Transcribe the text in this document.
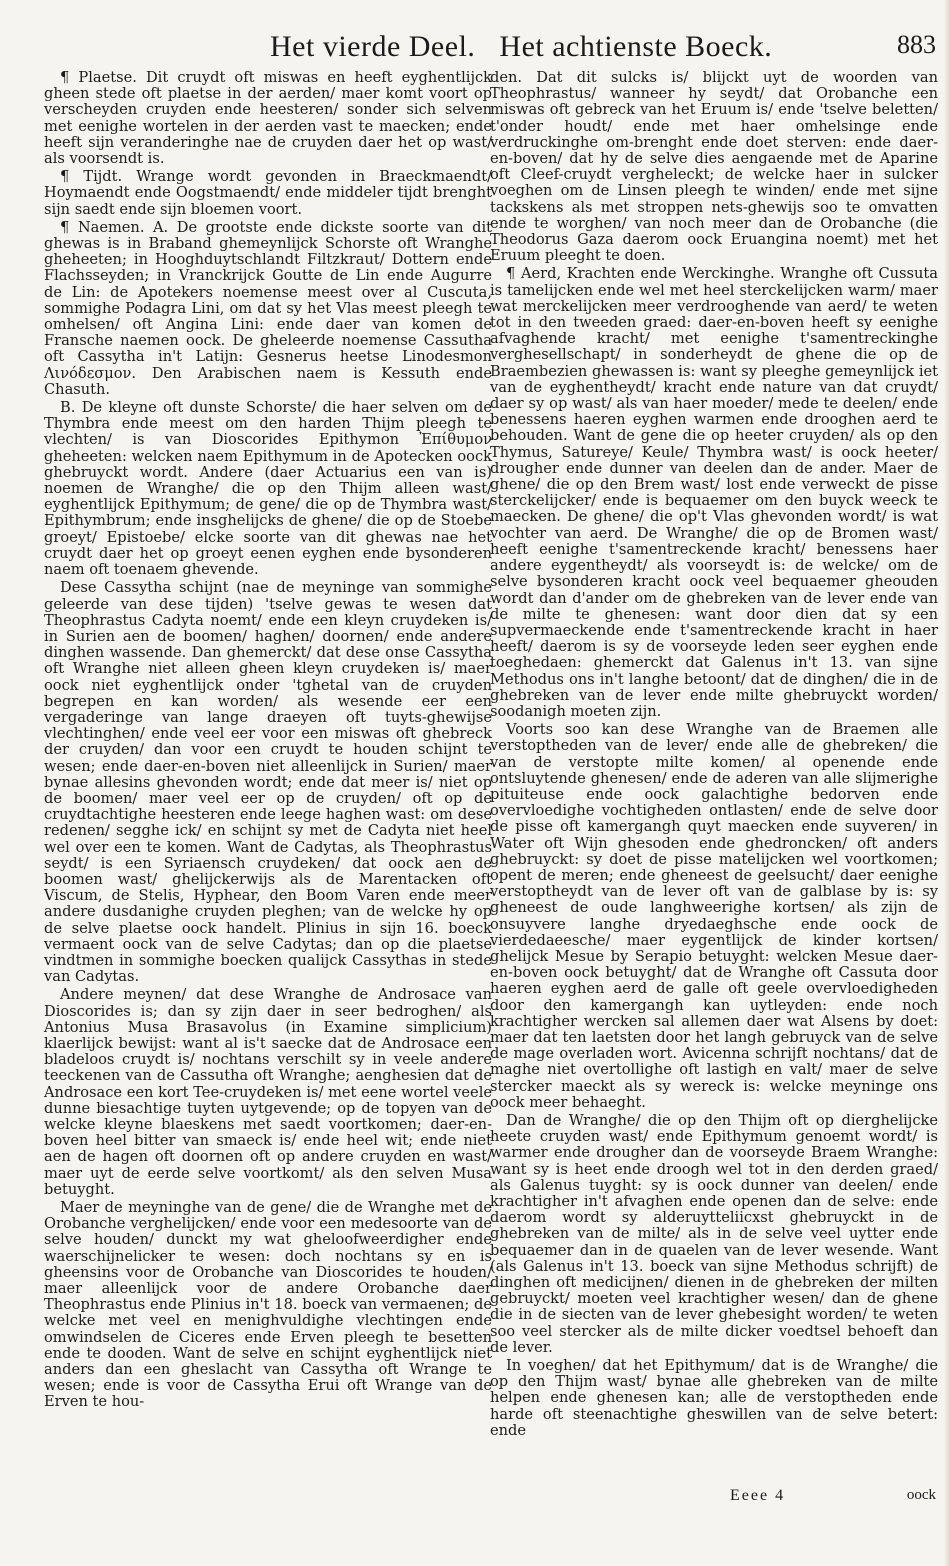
Het vierde Deel. Het achtienste Boeck.	883

¶ Plaetse. Dit cruydt oft miswas en heeft eyghentlijck gheen stede oft plaetse in der aerden/ maer komt voort op verscheyden cruyden ende heesteren/ sonder sich selven met eenighe wortelen in der aerden vast te maecken; ende heeft sijn veranderinghe nae de cruyden daer het op wast/ als voorsendt is.

¶ Tijdt. Wrange wordt gevonden in Braeckmaendt/ Hoymaendt ende Oogstmaendt/ ende middeler tijdt brenght sijn saedt ende sijn bloemen voort.

¶ Naemen. A. De grootste ende dickste soorte van dit ghewas is in Braband ghemeynlijck Schorste oft Wranghe gheheeten; in Hooghduytschlandt Filtzkraut/ Dottern ende Flachsseyden; in Vranckrijck Goutte de Lin ende Augurre de Lin: de Apotekers noemense meest over al Cuscuta, sommighe Podagra Lini, om dat sy het Vlas meest pleegh te omhelsen/ oft Angina Lini: ende daer van komen de Fransche naemen oock. De gheleerde noemense Cassutha oft Cassytha in't Latijn: Gesnerus heetse Linodesmon Λινόδεσμον. Den Arabischen naem is Kessuth ende Chasuth.

B. De kleyne oft dunste Schorste/ die haer selven om de Thymbra ende meest om den harden Thijm pleegh te vlechten/ is van Dioscorides Epithymon Ἐπίθυμον gheheeten: welcken naem Epithymum in de Apotecken oock ghebruyckt wordt. Andere (daer Actuarius een van is) noemen de Wranghe/ die op den Thijm alleen wast/ eyghentlijck Epithymum; de gene/ die op de Thymbra wast/ Epithymbrum; ende insghelijcks de ghene/ die op de Stoebe groeyt/ Epistoebe/ elcke soorte van dit ghewas nae het cruydt daer het op groeyt eenen eyghen ende bysonderen naem oft toenaem ghevende.

Dese Cassytha schijnt (nae de meyninge van sommighe geleerde van dese tijden) 'tselve gewas te wesen dat Theophrastus Cadyta noemt/ ende een kleyn cruydeken is/ in Surien aen de boomen/ haghen/ doornen/ ende andere dinghen wassende. Dan ghemerckt/ dat dese onse Cassytha oft Wranghe niet alleen gheen kleyn cruydeken is/ maer oock niet eyghentlijck onder 'tghetal van de cruyden begrepen en kan worden/ als wesende eer een vergaderinge van lange draeyen oft tuyts-ghewijse vlechtinghen/ ende veel eer voor een miswas oft ghebreck der cruyden/ dan voor een cruydt te houden schijnt te wesen; ende daer-en-boven niet alleenlijck in Surien/ maer bynae allesins ghevonden wordt; ende dat meer is/ niet op de boomen/ maer veel eer op de cruyden/ oft op de cruydtachtighe heesteren ende leege haghen wast: om dese redenen/ segghe ick/ en schijnt sy met de Cadyta niet heel wel over een te komen. Want de Cadytas, als Theophrastus seydt/ is een Syriaensch cruydeken/ dat oock aen de boomen wast/ ghelijckerwijs als de Marentacken oft Viscum, de Stelis, Hyphear, den Boom Varen ende meer andere dusdanighe cruyden pleghen; van de welcke hy op de selve plaetse oock handelt. Plinius in sijn 16. boeck vermaent oock van de selve Cadytas; dan op die plaetse vindtmen in sommighe boecken qualijck Cassythas in stede van Cadytas.

Andere meynen/ dat dese Wranghe de Androsace van Dioscorides is; dan sy zijn daer in seer bedroghen/ als Antonius Musa Brasavolus (in Examine simplicium) klaerlijck bewijst: want al is't saecke dat de Androsace een bladeloos cruydt is/ nochtans verschilt sy in veele andere teeckenen van de Cassutha oft Wranghe; aenghesien dat de Androsace een kort Tee-cruydeken is/ met eene wortel veele dunne biesachtige tuyten uytgevende; op de topyen van de welcke kleyne blaeskens met saedt voortkomen; daer-en-boven heel bitter van smaeck is/ ende heel wit; ende niet aen de hagen oft doornen oft op andere cruyden en wast/ maer uyt de eerde selve voortkomt/ als den selven Musa betuyght.

Maer de meyninghe van de gene/ die de Wranghe met de Orobanche verghelijcken/ ende voor een medesoorte van de selve houden/ dunckt my wat gheloofweerdigher ende waerschijnelicker te wesen: doch nochtans sy en is gheensins voor de Orobanche van Dioscorides te houden/ maer alleenlijck voor de andere Orobanche daer Theophrastus ende Plinius in't 18. boeck van vermaenen; de welcke met veel en menighvuldighe vlechtingen ende omwindselen de Ciceres ende Erven pleegh te besetten ende te dooden. Want de selve en schijnt eyghentlijck niet anders dan een gheslacht van Cassytha oft Wrange te wesen; ende is voor de Cassytha Erui oft Wrange van de Erven te hou-

den. Dat dit sulcks is/ blijckt uyt de woorden van Theophrastus/ wanneer hy seydt/ dat Orobanche een miswas oft gebreck van het Eruum is/ ende 'tselve beletten/ t'onder houdt/ ende met haer omhelsinge ende verdruckinghe om-brenght ende doet sterven: ende daer-en-boven/ dat hy de selve dies aengaende met de Aparine oft Cleef-cruydt vergheleckt; de welcke haer in sulcker voeghen om de Linsen pleegh te winden/ ende met sijne tackskens als met stroppen nets-ghewijs soo te omvatten ende te worghen/ van noch meer dan de Orobanche (die Theodorus Gaza daerom oock Eruangina noemt) met het Eruum pleeght te doen.

¶ Aerd, Krachten ende Werckinghe. Wranghe oft Cussuta is tamelijcken ende wel met heel sterckelijcken warm/ maer wat merckelijcken meer verdrooghende van aerd/ te weten tot in den tweeden graed: daer-en-boven heeft sy eenighe afvaghende kracht/ met eenighe t'samentreckinghe verghesellschapt/ in sonderheydt de ghene die op de Braembezien ghewassen is: want sy pleeghe gemeynlijck iet van de eyghentheydt/ kracht ende nature van dat cruydt/ daer sy op wast/ als van haer moeder/ mede te deelen/ ende benessens haeren eyghen warmen ende drooghen aerd te behouden. Want de gene die op heeter cruyden/ als op den Thymus, Satureye/ Keule/ Thymbra wast/ is oock heeter/ drougher ende dunner van deelen dan de ander. Maer de ghene/ die op den Brem wast/ lost ende verweckt de pisse sterckelijcker/ ende is bequaemer om den buyck weeck te maecken. De ghene/ die op't Vlas ghevonden wordt/ is wat vochter van aerd. De Wranghe/ die op de Bromen wast/ heeft eenighe t'samentreckende kracht/ benessens haer andere eygentheydt/ als voorseydt is: de welcke/ om de selve bysonderen kracht oock veel bequaemer gheouden wordt dan d'ander om de ghebreken van de lever ende van de milte te ghenesen: want door dien dat sy een supvermaeckende ende t'samentreckende kracht in haer heeft/ daerom is sy de voorseyde leden seer eyghen ende toeghedaen: ghemerckt dat Galenus in't 13. van sijne Methodus ons in't langhe betoont/ dat de dinghen/ die in de ghebreken van de lever ende milte ghebruyckt worden/ soodanigh moeten zijn.

Voorts soo kan dese Wranghe van de Braemen alle verstoptheden van de lever/ ende alle de ghebreken/ die van de verstopte milte komen/ al openende ende ontsluytende ghenesen/ ende de aderen van alle slijmerighe pituiteuse ende oock galachtighe bedorven ende overvloedighe vochtigheden ontlasten/ ende de selve door de pisse oft kamergangh quyt maecken ende suyveren/ in Water oft Wijn ghesoden ende ghedroncken/ oft anders ghebruyckt: sy doet de pisse matelijcken wel voortkomen; opent de meren; ende gheneest de geelsucht/ daer eenighe verstoptheydt van de lever oft van de galblase by is: sy gheneest de oude langhweerighe kortsen/ als zijn de onsuyvere langhe dryedaeghsche ende oock de vierdedaeesche/ maer eygentlijck de kinder kortsen/ ghelijck Mesue by Serapio betuyght: welcken Mesue daer-en-boven oock betuyght/ dat de Wranghe oft Cassuta door haeren eyghen aerd de galle oft geele overvloedigheden door den kamergangh kan uytleyden: ende noch krachtigher wercken sal allemen daer wat Alsens by doet: maer dat ten laetsten door het langh gebruyck van de selve de mage overladen wort. Avicenna schrijft nochtans/ dat de maghe niet overtollighe oft lastigh en valt/ maer de selve stercker maeckt als sy wereck is: welcke meyninge ons oock meer behaeght.

Dan de Wranghe/ die op den Thijm oft op dierghelijcke heete cruyden wast/ ende Epithymum genoemt wordt/ is warmer ende drougher dan de voorseyde Braem Wranghe: want sy is heet ende droogh wel tot in den derden graed/ als Galenus tuyght: sy is oock dunner van deelen/ ende krachtigher in't afvaghen ende openen dan de selve: ende daerom wordt sy alderuytteliicxst ghebruyckt in de ghebreken van de milte/ als in de selve veel uytter ende bequaemer dan in de quaelen van de lever wesende. Want (als Galenus in't 13. boeck van sijne Methodus schrijft) de dinghen oft medicijnen/ dienen in de ghebreken der milten gebruyckt/ moeten veel krachtigher wesen/ dan de ghene die in de siecten van de lever ghebesight worden/ te weten soo veel stercker als de milte dicker voedtsel behoeft dan de lever.

In voeghen/ dat het Epithymum/ dat is de Wranghe/ die op den Thijm wast/ bynae alle ghebreken van de milte helpen ende ghenesen kan; alle de verstoptheden ende harde oft steenachtighe gheswillen van de selve betert: ende

Eeee 4	oock
